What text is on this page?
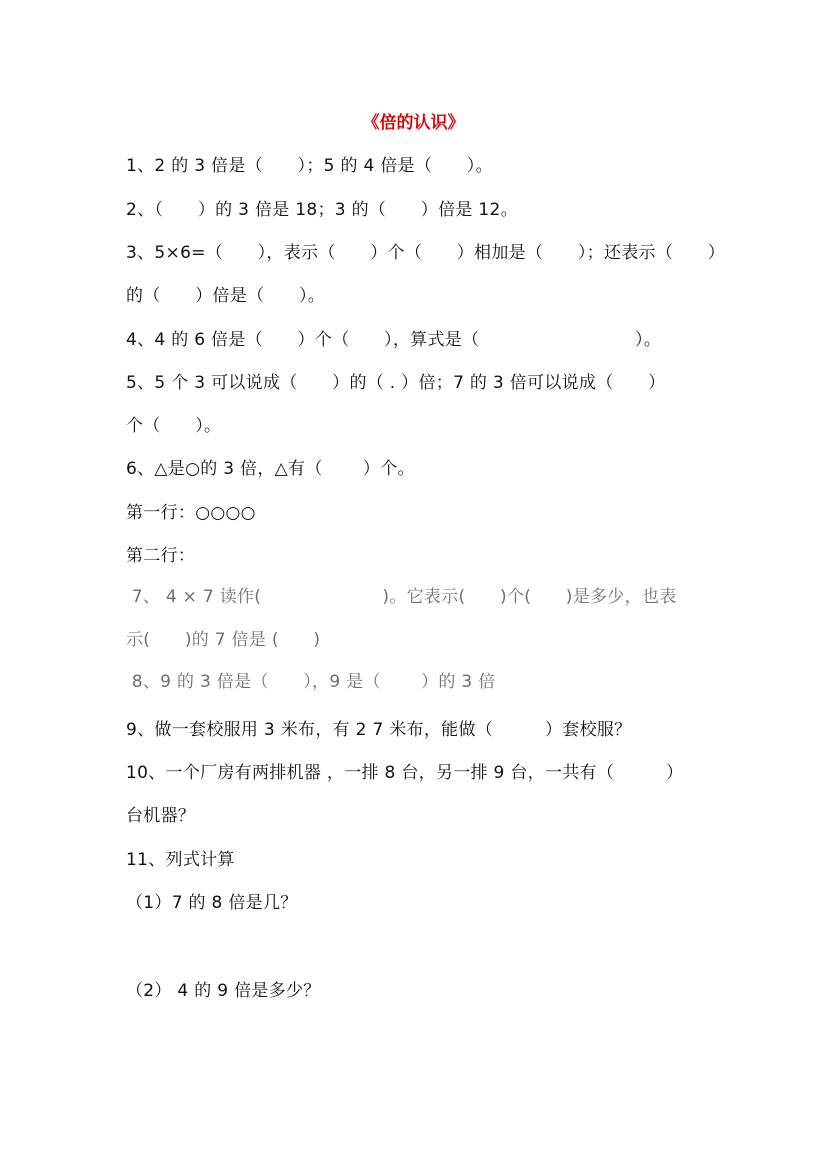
《倍的认识》
1、2 的 3 倍是（　　）；5 的 4 倍是（　　）。
2、（　　）的 3 倍是 18；3 的（　　）倍是 12。
3、5×6=（　　），表示（　　）个（　　）相加是（　　）；还表示（　　）
的（　　）倍是（　　）。
4、4 的 6 倍是（　　）个（　　），算式是（　　　　　　　　　）。
5、5 个 3 可以说成（　　）的（ . ）倍；7 的 3 倍可以说成（　　）
个（　　）。
6、△是○的 3 倍，△有（　　 ）个。
第一行：○○○○
第二行：
7、 4 × 7 读作(　　　　　　　)。它表示(　　)个(　　)是多少，也表
示(　　)的 7 倍是 (　　)
8、9 的 3 倍是（　　），9 是（　　 ）的 3 倍
9、做一套校服用 3 米布，有 2 7 米布，能做（　　　）套校服？
10、一个厂房有两排机器 ，一排 8 台，另一排 9 台，一共有（　　　）
台机器？
11、列式计算
（1）7 的 8 倍是几？
（2） 4 的 9 倍是多少？
